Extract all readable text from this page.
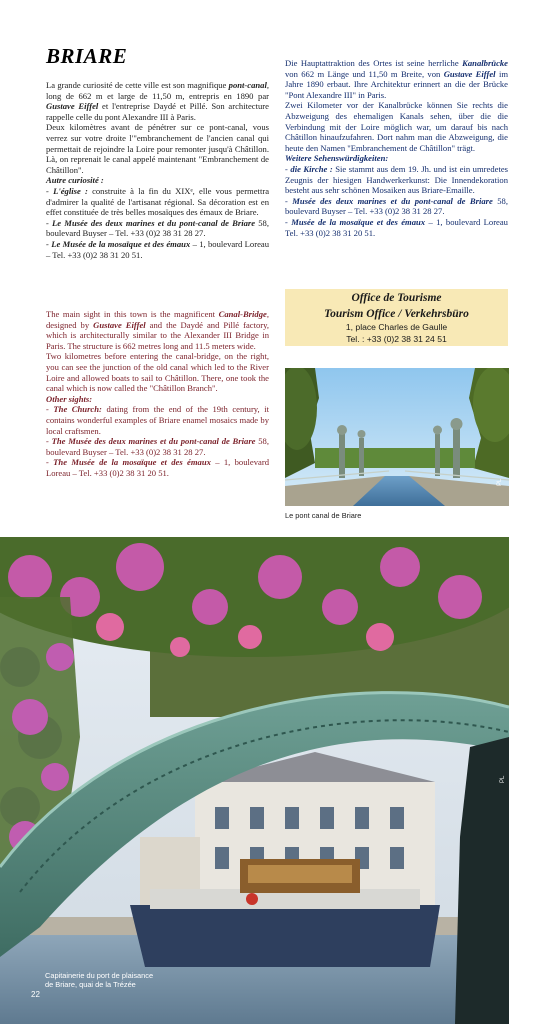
BRIARE

La grande curiosité de cette ville est son magnifique pont-canal, long de 662 m et large de 11,50 m, entrepris en 1890 par Gustave Eiffel et l'entreprise Daydé et Pillé. Son architecture rappelle celle du pont Alexandre III à Paris.

Deux kilomètres avant de pénétrer sur ce pont-canal, vous verrez sur votre droite l'"embranchement de l'ancien canal qui permettait de rejoindre la Loire pour remonter jusqu'à Châtillon. Là, on reprenait le canal appelé maintenant "Embranchement de Châtillon".

Autre curiosité :

- L'église : construite à la fin du XIXᵉ, elle vous permettra d'admirer la qualité de l'artisanat régional. Sa décoration est en effet constituée de très belles mosaïques des émaux de Briare.

- Le Musée des deux marines et du pont-canal de Briare 58, boulevard Buyser – Tel. +33 (0)2 38 31 28 27.

- Le Musée de la mosaïque et des émaux – 1, boulevard Loreau – Tel. +33 (0)2 38 31 20 51.

The main sight in this town is the magnificent Canal-Bridge, designed by Gustave Eiffel and the Daydé and Pillé factory, which is architecturally similar to the Alexander III Bridge in Paris. The structure is 662 metres long and 11.5 meters wide.

Two kilometres before entering the canal-bridge, on the right, you can see the junction of the old canal which led to the River Loire and allowed boats to sail to Châtillon. There, one took the canal which is now called the "Châtillon Branch".

Other sights:

- The Church: dating from the end of the 19th century, it contains wonderful examples of Briare enamel mosaics made by local craftsmen.

- The Musée des deux marines et du pont-canal de Briare 58, boulevard Buyser – Tel. +33 (0)2 38 31 28 27.

- The Musée de la mosaïque et des émaux – 1, boulevard Loreau – Tel. +33 (0)2 38 31 20 51.

Die Hauptattraktion des Ortes ist seine herrliche Kanalbrücke von 662 m Länge und 11,50 m Breite, von Gustave Eiffel im Jahre 1890 erbaut. Ihre Architektur erinnert an die der Brücke "Pont Alexandre III" in Paris.

Zwei Kilometer vor der Kanalbrücke können Sie rechts die Abzweigung des ehemaligen Kanals sehen, über die die Verbindung mit der Loire möglich war, um darauf bis nach Châtillon hinaufzufahren. Dort nahm man die Abzweigung, die heute den Namen "Embranchement de Châtillon" trägt.

Weitere Sehenswürdigkeiten:

- die Kirche : Sie stammt aus dem 19. Jh. und ist ein umredetes Zeugnis der hiesigen Handwerkerkunst: Die Innendekoration besteht aus sehr schönen Mosaiken aus Briare-Emaille.

- Musée des deux marines et du pont-canal de Briare 58, boulevard Buyser – Tel. +33 (0)2 38 31 28 27.

- Musée de la mosaïque et des émaux – 1, boulevard Loreau Tel. +33 (0)2 38 31 20 51.

Office de Tourisme
Tourism Office / Verkehrsbüro
1, place Charles de Gaulle
Tel. : +33 (0)2 38 31 24 51
PL
Le pont canal de Briare
PL
Capitainerie du port de plaisance
de Briare, quai de la Trézée
22
